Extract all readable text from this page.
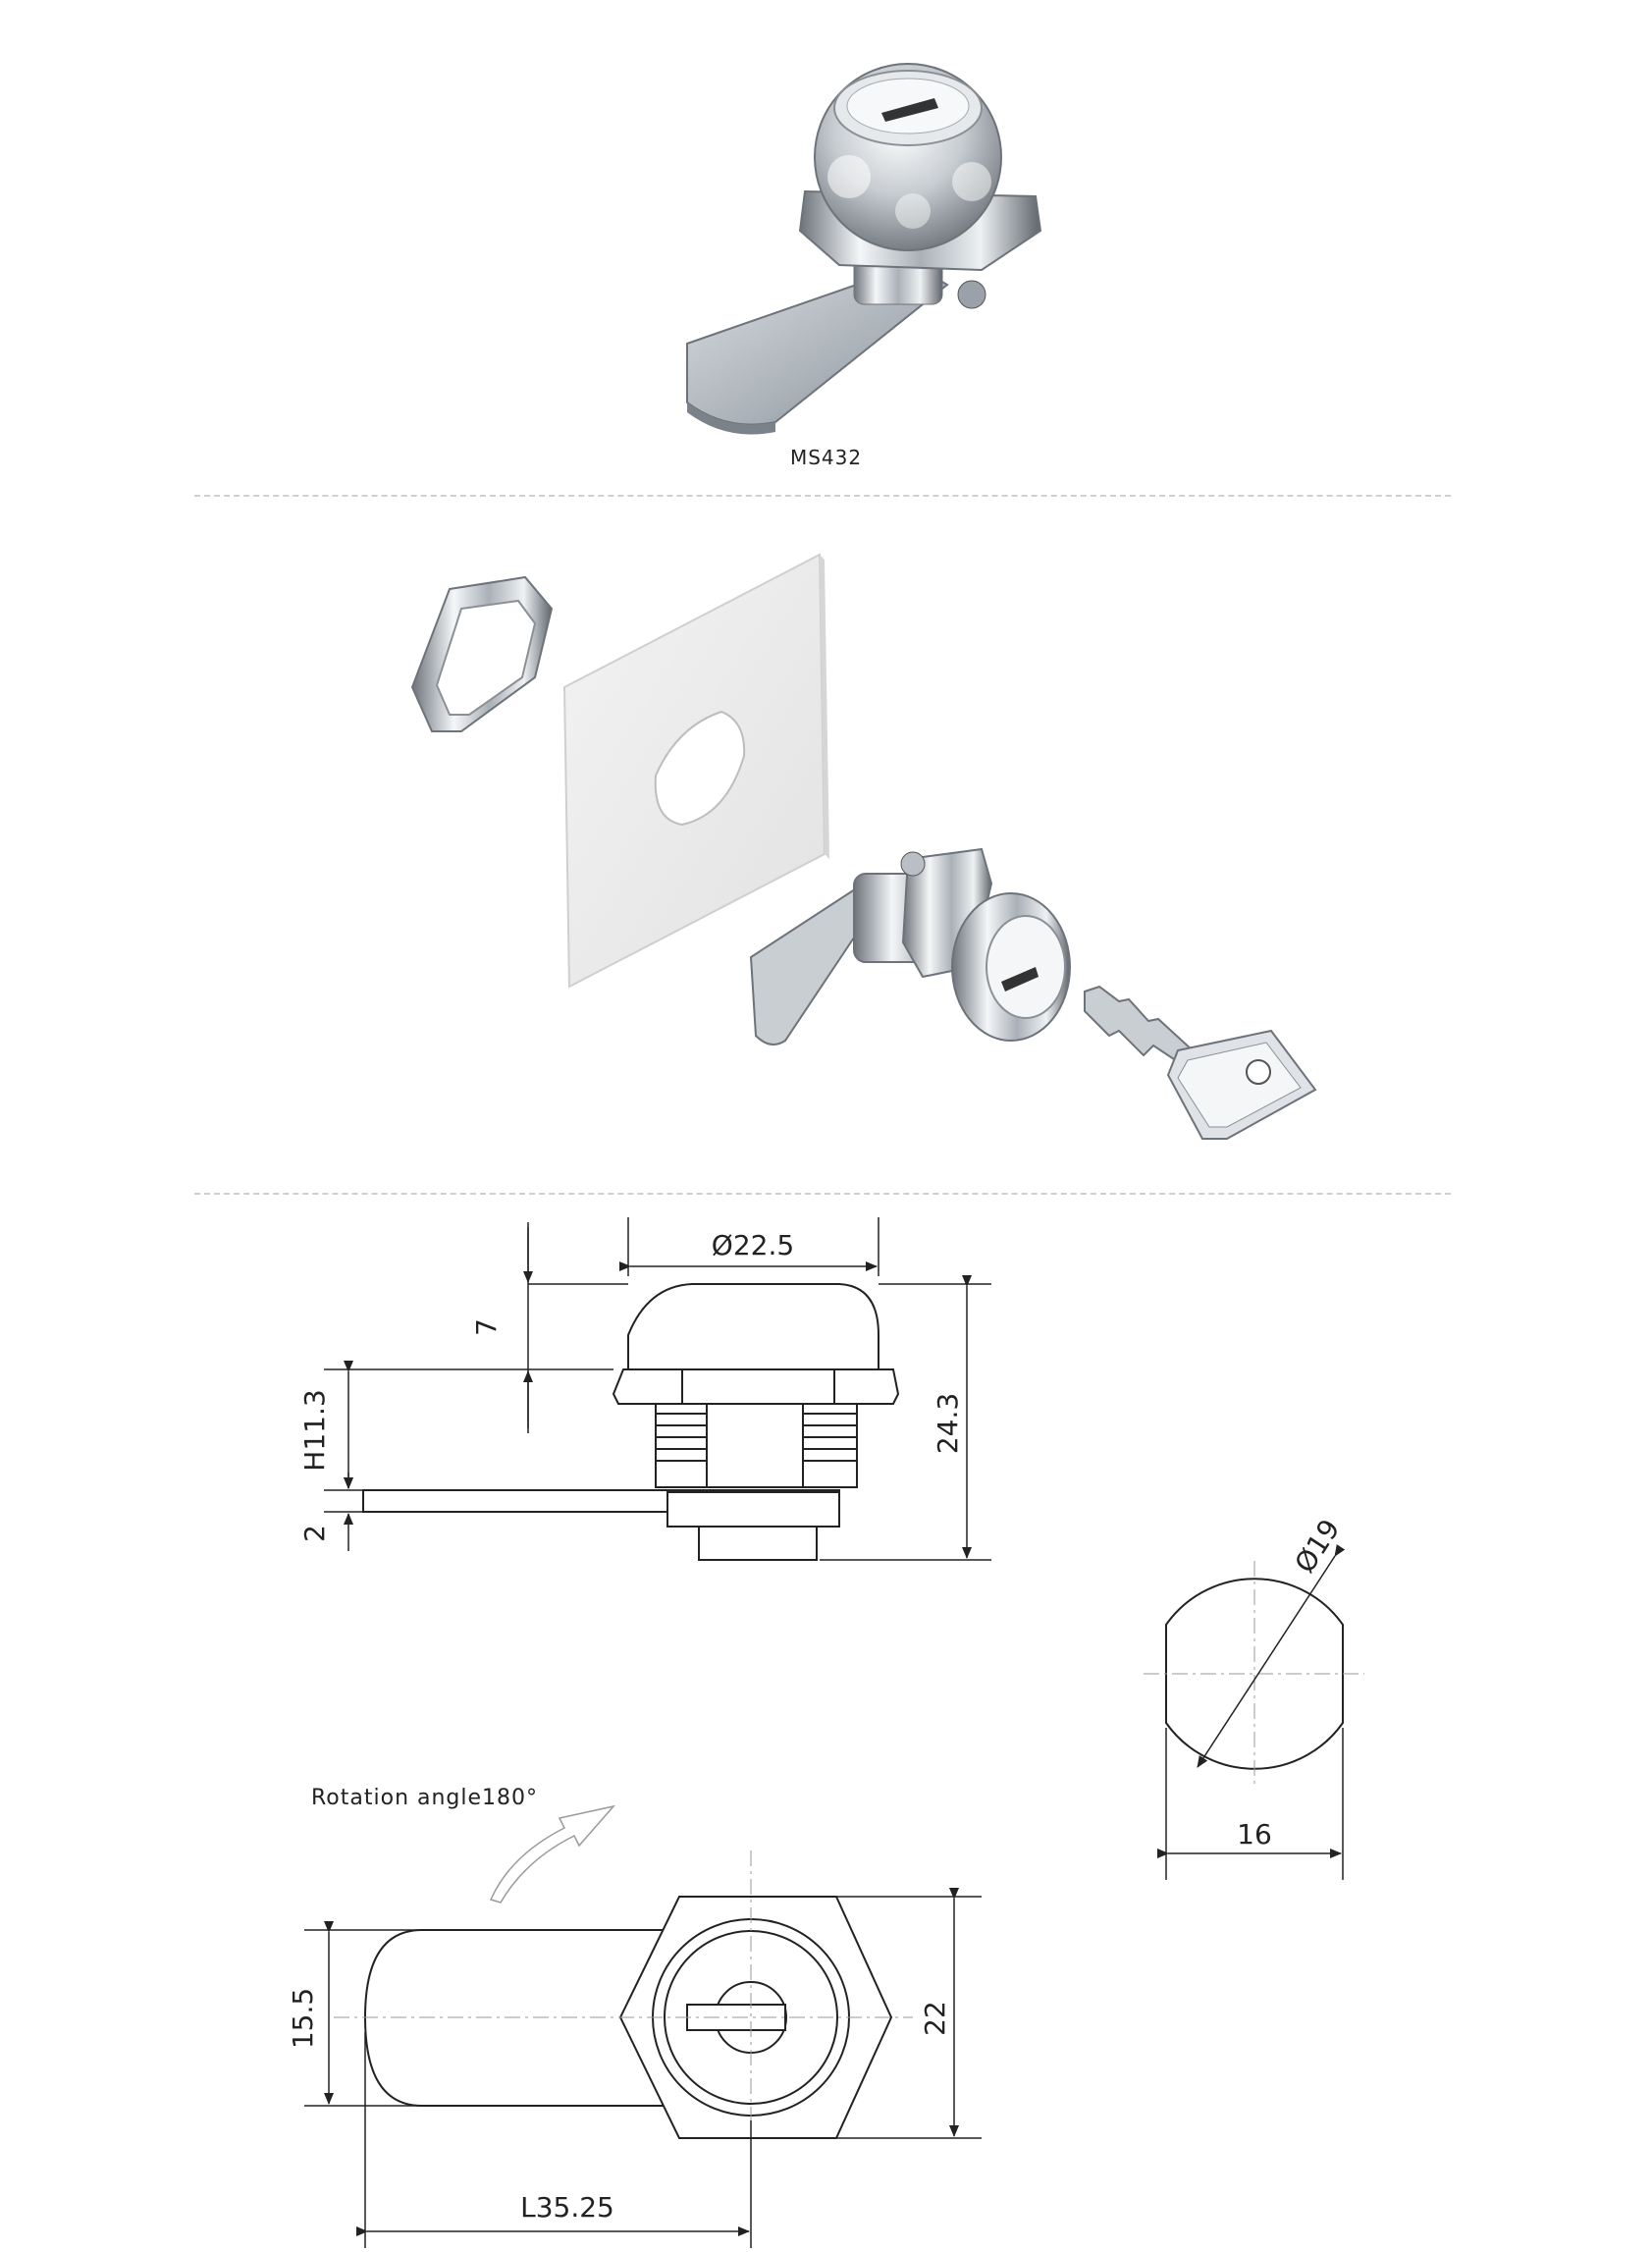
MS432
Ø22.5
7
H11.3
2
24.3
Ø19
16
Rotation angle180°
15.5	22
L35.25
